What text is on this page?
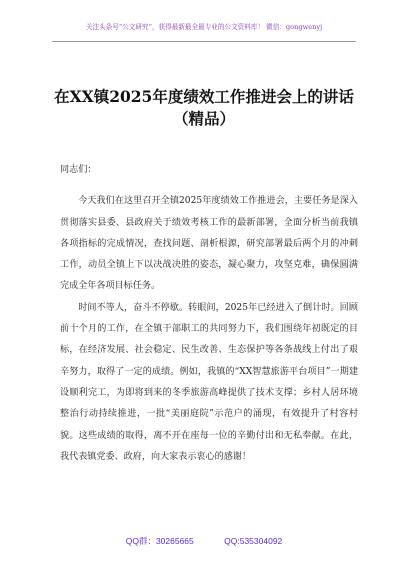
关注头条号“公文研究”，获得最新最全最专业的公文资料库！ 微信：gongwenyj
在XX镇2025年度绩效工作推进会上的讲话（精品）

同志们：

今天我们在这里召开全镇2025年度绩效工作推进会，主要任务是深入贯彻落实县委、县政府关于绩效考核工作的最新部署，全面分析当前我镇各项指标的完成情况，查找问题、剖析根源，研究部署最后两个月的冲刺工作，动员全镇上下以决战决胜的姿态，凝心聚力，攻坚克难，确保圆满完成全年各项目标任务。

时间不等人，奋斗不停歇。转眼间，2025年已经进入了倒计时。回顾前十个月的工作，在全镇干部职工的共同努力下，我们围绕年初既定的目标，在经济发展、社会稳定、民生改善、生态保护等各条战线上付出了艰辛努力，取得了一定的成绩。例如，我镇的“XX智慧旅游平台项目”一期建设顺利完工，为即将到来的冬季旅游高峰提供了技术支撑；乡村人居环境整治行动持续推进，一批“美丽庭院”示范户的涌现，有效提升了村容村貌。这些成绩的取得，离不开在座每一位的辛勤付出和无私奉献。在此，我代表镇党委、政府，向大家表示衷心的感谢！

QQ群：30265665	QQ:535304092
